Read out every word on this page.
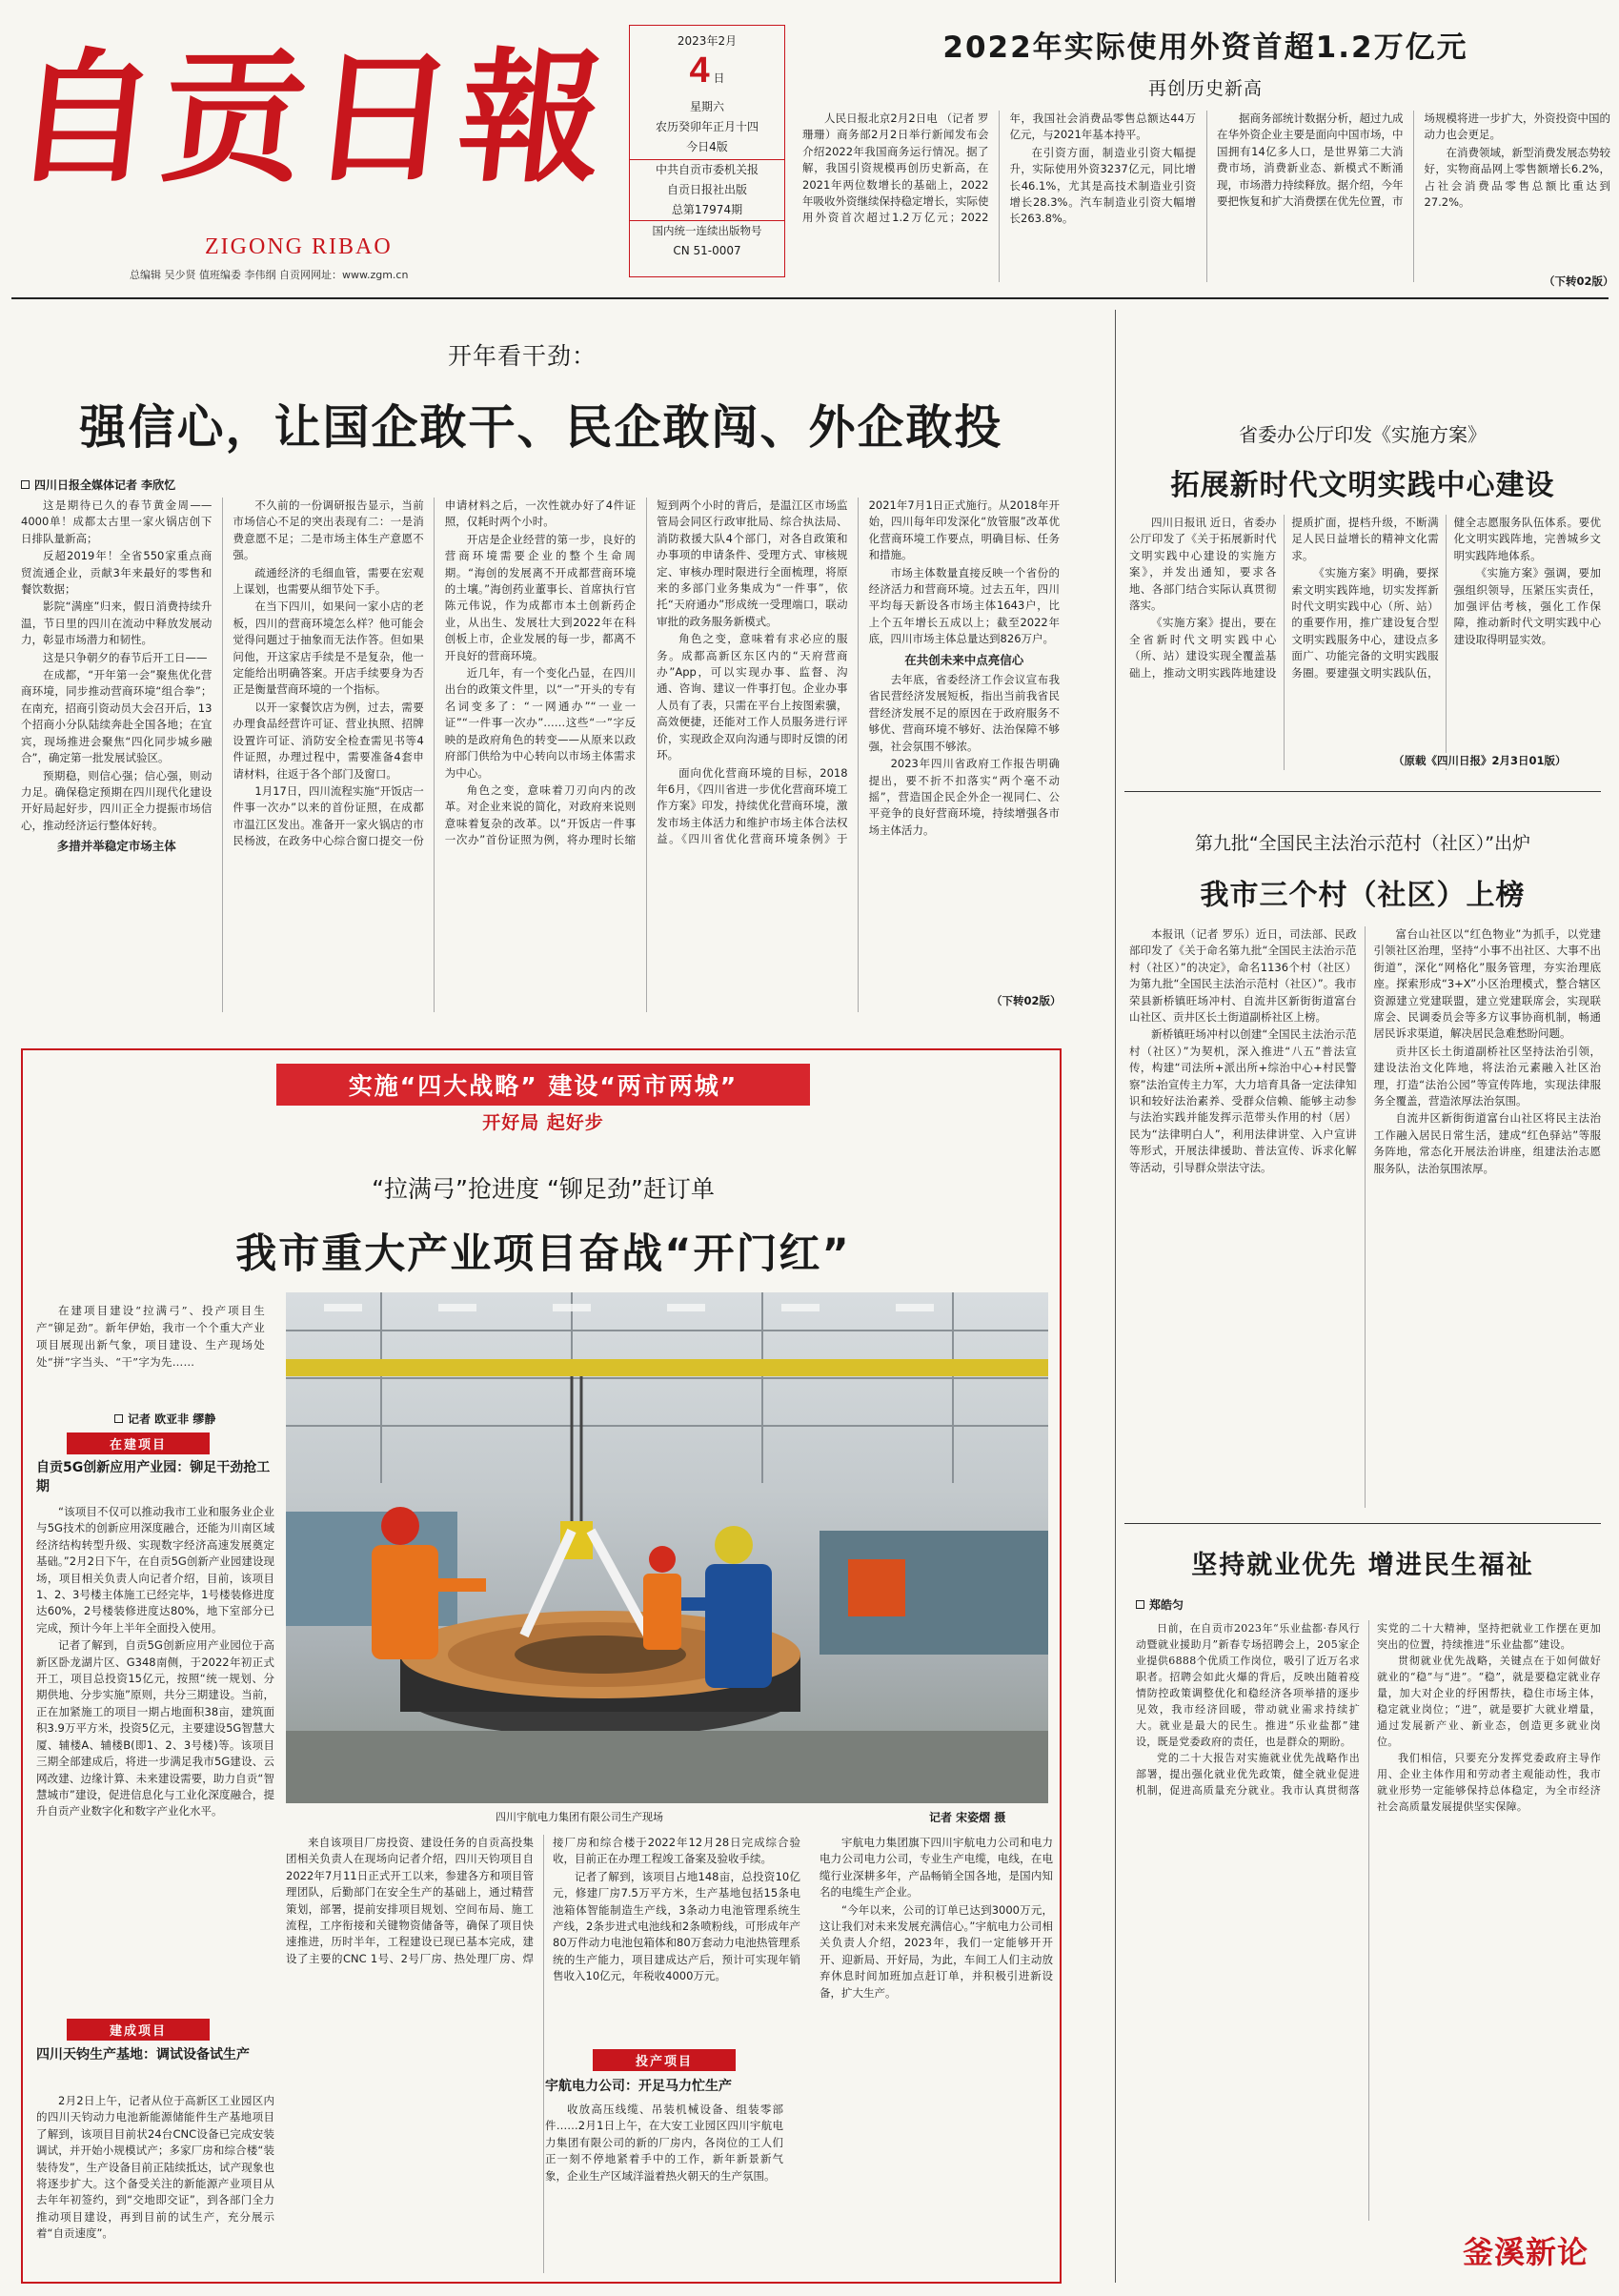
自
贡
日
報
ZIGONG RIBAO
总编辑 吴少贤 值班编委 李伟纲 自贡网网址：www.zgm.cn
2023年2月
4 日
星期六
农历癸卯年正月十四
今日4版
中共自贡市委机关报
自贡日报社出版
总第17974期
国内统一连续出版物号
CN 51-0007
2022年实际使用外资首超1.2万亿元
再创历史新高

人民日报北京2月2日电 （记者 罗珊珊）商务部2月2日举行新闻发布会介绍2022年我国商务运行情况。据了解，我国引资规模再创历史新高，在2021年两位数增长的基础上，2022年吸收外资继续保持稳定增长，实际使用外资首次超过1.2万亿元；2022年，我国社会消费品零售总额达44万亿元，与2021年基本持平。

在引资方面，制造业引资大幅提升，实际使用外资3237亿元，同比增长46.1%，尤其是高技术制造业引资增长28.3%。汽车制造业引资大幅增长263.8%。

据商务部统计数据分析，超过九成在华外资企业主要是面向中国市场，中国拥有14亿多人口，是世界第二大消费市场，消费新业态、新模式不断涌现，市场潜力持续释放。据介绍，今年要把恢复和扩大消费摆在优先位置，市场规模将进一步扩大，外资投资中国的动力也会更足。

在消费领域，新型消费发展态势较好，实物商品网上零售额增长6.2%，占社会消费品零售总额比重达到27.2%。

（下转02版）
开年看干劲：
强信心，让国企敢干、民企敢闯、外企敢投
四川日报全媒体记者 李欣忆

这是期待已久的春节黄金周——4000单！成都太古里一家火锅店创下日排队量新高；

反超2019年！全省550家重点商贸流通企业，贡献3年来最好的零售和餐饮数据；

影院“满座”归来，假日消费持续升温，节日里的四川在流动中释放发展动力，彰显市场潜力和韧性。

这是只争朝夕的春节后开工日——

在成都，“开年第一会”聚焦优化营商环境，同步推动营商环境“组合拳”；在南充，招商引资动员大会召开后，13个招商小分队陆续奔赴全国各地；在宜宾，现场推进会聚焦“四化同步城乡融合”，确定第一批发展试验区。

预期稳，则信心强；信心强，则动力足。确保稳定预期在四川现代化建设开好局起好步，四川正全力提振市场信心，推动经济运行整体好转。

多措并举稳定市场主体

不久前的一份调研报告显示，当前市场信心不足的突出表现有二：一是消费意愿不足；二是市场主体生产意愿不强。

疏通经济的毛细血管，需要在宏观上谋划，也需要从细节处下手。

在当下四川，如果问一家小店的老板，四川的营商环境怎么样？他可能会觉得问题过于抽象而无法作答。但如果问他，开这家店手续是不是复杂，他一定能给出明确答案。开店手续要身为否正是衡量营商环境的一个指标。

以开一家餐饮店为例，过去，需要办理食品经营许可证、营业执照、招牌设置许可证、消防安全检查需见书等4件证照，办理过程中，需要准备4套申请材料，往返于各个部门及窗口。

1月17日，四川流程实施“开饭店一件事一次办”以来的首份证照，在成都市温江区发出。准备开一家火锅店的市民杨波，在政务中心综合窗口提交一份申请材料之后，一次性就办好了4件证照，仅耗时两个小时。

开店是企业经营的第一步，良好的营商环境需要企业的整个生命周期。“海创的发展离不开成都营商环境的土壤。”海创药业董事长、首席执行官陈元伟说，作为成都市本土创新药企业，从出生、发展壮大到2022年在科创板上市，企业发展的每一步，都离不开良好的营商环境。

近几年，有一个变化凸显，在四川出台的政策文件里，以“一”开头的专有名词变多了：“一网通办”“一业一证”“一件事一次办”……这些“一”字反映的是政府角色的转变——从原来以政府部门供给为中心转向以市场主体需求为中心。

角色之变，意味着刀刃向内的改革。对企业来说的简化，对政府来说则意味着复杂的改革。以“开饭店一件事一次办”首份证照为例，将办理时长缩短到两个小时的背后，是温江区市场监管局会同区行政审批局、综合执法局、消防救援大队4个部门，对各自政策和办事项的申请条件、受理方式、审核规定、审核办理时限进行全面梳理，将原来的多部门业务集成为“一件事”，依托“天府通办”形成统一受理端口，联动审批的政务服务新模式。

角色之变，意味着有求必应的服务。成都高新区东区内的“天府营商办”App，可以实现办事、监督、沟通、咨询、建议一件事打包。企业办事人员有了表，只需在平台上按图索骥，高效便捷，还能对工作人员服务进行评价，实现政企双向沟通与即时反馈的闭环。

面向优化营商环境的目标，2018年6月，《四川省进一步优化营商环境工作方案》印发，持续优化营商环境，激发市场主体活力和维护市场主体合法权益。《四川省优化营商环境条例》于2021年7月1日正式施行。从2018年开始，四川每年印发深化“放管服”改革优化营商环境工作要点，明确目标、任务和措施。

市场主体数量直接反映一个省份的经济活力和营商环境。过去五年，四川平均每天新设各市场主体1643户，比上个五年增长五成以上；截至2022年底，四川市场主体总量达到826万户。

在共创未来中点亮信心

去年底，省委经济工作会议宣布我省民营经济发展短板，指出当前我省民营经济发展不足的原因在于政府服务不够优、营商环境不够好、法治保障不够强，社会氛围不够浓。

2023年四川省政府工作报告明确提出，要不折不扣落实“两个毫不动摇”，营造国企民企外企一视同仁、公平竞争的良好营商环境，持续增强各市场主体活力。

（下转02版）
省委办公厅印发《实施方案》
拓展新时代文明实践中心建设

四川日报讯 近日，省委办公厅印发了《关于拓展新时代文明实践中心建设的实施方案》，并发出通知，要求各地、各部门结合实际认真贯彻落实。

《实施方案》提出，要在全省新时代文明实践中心（所、站）建设实现全覆盖基础上，推动文明实践阵地建设提质扩面，提档升级，不断满足人民日益增长的精神文化需求。

《实施方案》明确，要探索文明实践阵地，切实发挥新时代文明实践中心（所、站）的重要作用，推广建设复合型文明实践服务中心，建设点多面广、功能完备的文明实践服务圈。要建强文明实践队伍，健全志愿服务队伍体系。要优化文明实践阵地，完善城乡文明实践阵地体系。

《实施方案》强调，要加强组织领导，压紧压实责任，加强评估考核，强化工作保障，推动新时代文明实践中心建设取得明显实效。

（原载《四川日报》2月3日01版）
第九批“全国民主法治示范村（社区）”出炉
我市三个村（社区）上榜

本报讯（记者 罗乐）近日，司法部、民政部印发了《关于命名第九批“全国民主法治示范村（社区）”的决定》，命名1136个村（社区）为第九批“全国民主法治示范村（社区）”。我市荣县新桥镇旺场冲村、自流井区新街街道富台山社区、贡井区长土街道副桥社区上榜。

新桥镇旺场冲村以创建“全国民主法治示范村（社区）”为契机，深入推进“八五”普法宣传，构建“司法所+派出所+综治中心+村民警察”法治宣传主力军，大力培育具备一定法律知识和较好法治素养、受群众信赖、能够主动参与法治实践并能发挥示范带头作用的村（居）民为“法律明白人”，利用法律讲堂、入户宣讲等形式，开展法律援助、普法宣传、诉求化解等活动，引导群众崇法守法。

富台山社区以“红色物业”为抓手，以党建引领社区治理，坚持“小事不出社区、大事不出街道”，深化“网格化”服务管理，夯实治理底座。探索形成“3+X”小区治理模式，整合辖区资源建立党建联盟，建立党建联席会，实现联席会、民调委员会等多方议事协商机制，畅通居民诉求渠道，解决居民急难愁盼问题。

贡井区长土街道副桥社区坚持法治引领，建设法治文化阵地，将法治元素融入社区治理，打造“法治公园”等宣传阵地，实现法律服务全覆盖，营造浓厚法治氛围。

自流井区新街街道富台山社区将民主法治工作融入居民日常生活，建成“红色驿站”等服务阵地，常态化开展法治讲座，组建法治志愿服务队，法治氛围浓厚。

坚持就业优先 增进民生福祉
郑皓匀

日前，在自贡市2023年“乐业盐都·春风行动暨就业援助月”新春专场招聘会上，205家企业提供6888个优质工作岗位，吸引了近万名求职者。招聘会如此火爆的背后，反映出随着疫情防控政策调整优化和稳经济各项举措的逐步见效，我市经济回暖，带动就业需求持续扩大。就业是最大的民生。推进“乐业盐都”建设，既是党委政府的责任，也是群众的期盼。

党的二十大报告对实施就业优先战略作出部署，提出强化就业优先政策，健全就业促进机制，促进高质量充分就业。我市认真贯彻落实党的二十大精神，坚持把就业工作摆在更加突出的位置，持续推进“乐业盐都”建设。

贯彻就业优先战略，关键点在于如何做好就业的“稳”与“进”。“稳”，就是要稳定就业存量，加大对企业的纾困帮扶，稳住市场主体，稳定就业岗位；“进”，就是要扩大就业增量，通过发展新产业、新业态，创造更多就业岗位。

我们相信，只要充分发挥党委政府主导作用、企业主体作用和劳动者主观能动性，我市就业形势一定能够保持总体稳定，为全市经济社会高质量发展提供坚实保障。

釜溪新论
实施“四大战略” 建设“两市两城”
开好局 起好步
“拉满弓”抢进度 “铆足劲”赶订单
我市重大产业项目奋战“开门红”

在建项目建设“拉满弓”、投产项目生产“铆足劲”。新年伊始，我市一个个重大产业项目展现出新气象，项目建设、生产现场处处“拼”字当头、“干”字为先……

记者 欧亚非 缪静
四川宇航电力集团有限公司生产现场	记者 宋姿熠 摄
在建项目
自贡5G创新应用产业园：铆足干劲抢工期

“该项目不仅可以推动我市工业和服务业企业与5G技术的创新应用深度融合，还能为川南区域经济结构转型升级、实现数字经济高速发展奠定基础。”2月2日下午，在自贡5G创新产业园建设现场，项目相关负责人向记者介绍，目前，该项目1、2、3号楼主体施工已经完毕，1号楼装修进度达60%，2号楼装修进度达80%，地下室部分已完成，预计今年上半年全面投入使用。

记者了解到，自贡5G创新应用产业园位于高新区卧龙湖片区、G348南侧，于2022年初正式开工，项目总投资15亿元，按照“统一规划、分期供地、分步实施”原则，共分三期建设。当前，正在加紧施工的项目一期占地面积38亩，建筑面积3.9万平方米，投资5亿元，主要建设5G智慧大厦、辅楼A、辅楼B(即1、2、3号楼)等。该项目三期全部建成后，将进一步满足我市5G建设、云网改建、边缘计算、未来建设需要，助力自贡“智慧城市”建设，促进信息化与工业化深度融合，提升自贡产业数字化和数字产业化水平。

建成项目
四川天钧生产基地：调试设备试生产

2月2日上午，记者从位于高新区工业园区内的四川天钧动力电池新能源储能件生产基地项目了解到，该项目目前状24台CNC设备已完成安装调试，并开始小规模试产；多家厂房和综合楼“装装待发”，生产设备目前正陆续抵达，试产现象也将逐步扩大。这个备受关注的新能源产业项目从去年年初签约，到“交地即交证”，到各部门全力推动项目建设，再到目前的试生产，充分展示着“自贡速度”。

来自该项目厂房投资、建设任务的自贡高投集团相关负责人在现场向记者介绍，四川天钧项目自2022年7月11日正式开工以来，参建各方和项目管理团队，后勤部门在安全生产的基础上，通过精营策划，部署，提前安排项目规划、空间布局、施工流程，工序衔接和关键物资储备等，确保了项目快速推进，历时半年，工程建设已现已基本完成，建设了主要的CNC 1号、2号厂房、热处理厂房、焊接厂房和综合楼于2022年12月28日完成综合验收，目前正在办理工程竣工备案及验收手续。

记者了解到，该项目占地148亩，总投资10亿元，修建厂房7.5万平方米，生产基地包括15条电池箱体智能制造生产线，3条动力电池管理系统生产线，2条步进式电池线和2条喷粉线，可形成年产80万件动力电池包箱体和80万套动力电池热管理系统的生产能力，项目建成达产后，预计可实现年销售收入10亿元，年税收4000万元。

投产项目
宇航电力公司：开足马力忙生产

收放高压线缆、吊装机械设备、组装零部件……2月1日上午，在大安工业园区四川宇航电力集团有限公司的新的厂房内，各岗位的工人们正一刻不停地紧着手中的工作，新年新景新气象，企业生产区域洋溢着热火朝天的生产氛围。

宇航电力集团旗下四川宇航电力公司和电力电力公司电力公司，专业生产电缆，电线，在电缆行业深耕多年，产品畅销全国各地，是国内知名的电缆生产企业。

“今年以来，公司的订单已达到3000万元，这让我们对未来发展充满信心。”宇航电力公司相关负责人介绍，2023年，我们一定能够开开开、迎新局、开好局，为此，车间工人们主动放弃休息时间加班加点赶订单，并积极引进新设备，扩大生产。
